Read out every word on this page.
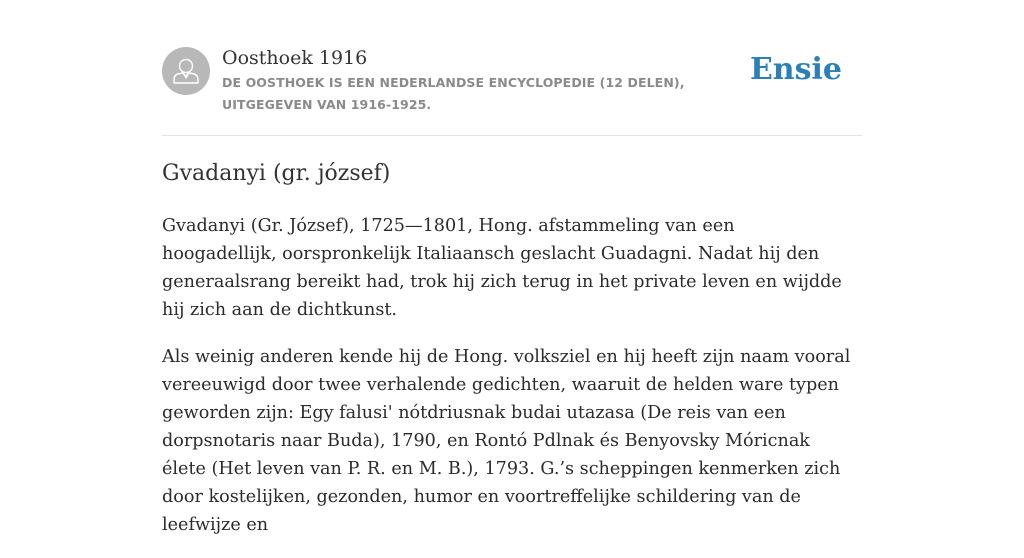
Oosthoek 1916

DE OOSTHOEK IS EEN NEDERLANDSE ENCYCLOPEDIE (12 DELEN), UITGEGEVEN VAN 1916-1925.

Ensie
Gvadanyi (gr. józsef)

Gvadanyi (Gr. József), 1725—1801, Hong. afstammeling van een hoogadellijk, oorspronkelijk Italiaansch geslacht Guadagni. Nadat hij den generaalsrang bereikt had, trok hij zich terug in het private leven en wijdde hij zich aan de dichtkunst.

Als weinig anderen kende hij de Hong. volksziel en hij heeft zijn naam vooral vereeuwigd door twee verhalende gedichten, waaruit de helden ware typen geworden zijn: Egy falusi' nótdriusnak budai utazasa (De reis van een dorpsnotaris naar Buda), 1790, en Rontó Pdlnak és Benyovsky Móricnak élete (Het leven van P. R. en M. B.), 1793. G.’s scheppingen kenmerken zich door kostelijken, gezonden, humor en voortreffelijke schildering van de leefwijze en
